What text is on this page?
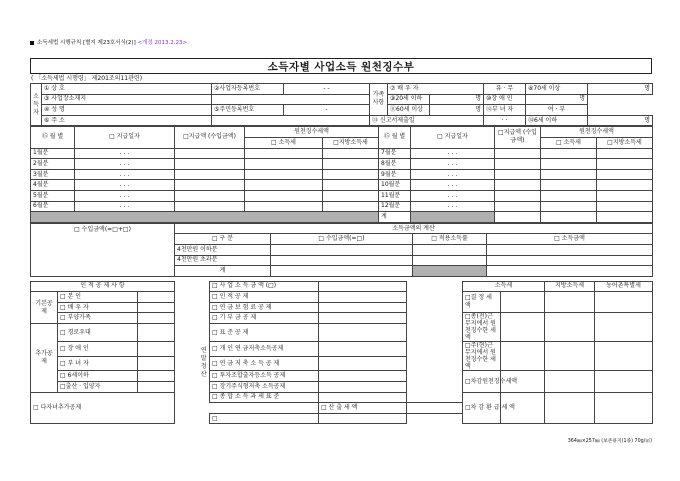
소득세법 시행규칙 [별지 제23호서식(2)] <개정 2013.2.23>
소득자별 사업소득 원천징수부
( 「소득세법 시행령」 제201조의11관련)
소득자	① 상 호	②사업자등록번호	- -	가족사항	⑦ 배 우 자		유 · 무	⑧70세 이상	명
	③ 사업장소재지				⑨20세 이하	명	⑩장 애 인	명	
	④ 성 명	⑤주민등록번호	-		⑪60세 이상	명	⑫부 녀 자	여 · 부	
	⑥ 주 소			⑬ 신고서제출일			· ·	⑭6세 이하	명
⑮ 월 별	□ 지급일자	□지급액 (수입금액)	원천징수세액		⑮ 월 별	□ 지급일자	□지급액 (수입금액)	원천징수세액	
			□ 소득세	□지방소득세				□ 소득세	□지방소득세
1월분	. . .				7월분	. . .			
2월분	. . .				8월분	. . .			
3월분	. . .				9월분	. . .			
4월분	. . .				10월분	. . .			
5월분	. . .				11월분	. . .			
6월분	. . .				12월분	. . .			
					계				
□ 수입금액(=□+□)	소득금액의 계산			
	□ 구 분	□ 수입금액(=□)	□ 적용소득률	□ 소득금액
	4천만원 이하분			
	4천만원 초과분			
	계			
인 적 공 제 사 항					□ 사 업 소 득 금 액 (□)			소득세		지방소득세	농어촌특별세	
기본공제	□ 본 인				□ 인 적 공 제			□결 정 세 액				
	□ 배 우 자				□ 연 금 보 험 료 공 제							
	□ 부양가족			연말정산	□ 기 부 금 공 제			□종(전)근무지에서 원천징수한 세액				
추가공제	□ 경로우대				□ 표 준 공 제							
	□ 장 애 인				□ 개 인 연 금저축소득공제			□주(현)근무지에서 원천징수한 세액				
	□ 부 녀 자				□ 연 금 저 축 소 득 공 제							
	□ 6세이하				□ 투자조합출자등소득 공제			□차감원천징수세액				
	□출산 · 입양자				□ 장기주식형저축 소득공제							
□ 다자녀추가공제					□ 종 합 소 득 과 세 표 준			□차 감 환 급 세 액				
						□ 산 출 세 액						
					□							
364㎜×257㎜ (보존용지(1종) 70g/㎡)
